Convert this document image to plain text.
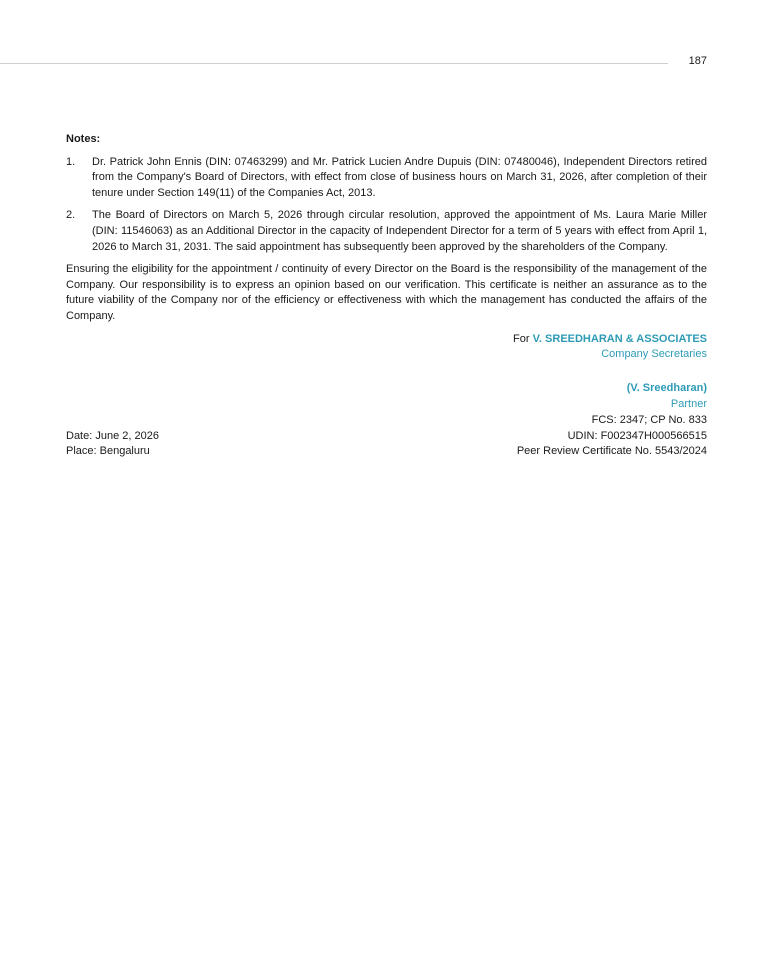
187
Notes:
1.	Dr. Patrick John Ennis (DIN: 07463299) and Mr. Patrick Lucien Andre Dupuis (DIN: 07480046), Independent Directors retired from the Company's Board of Directors, with effect from close of business hours on March 31, 2026, after completion of their tenure under Section 149(11) of the Companies Act, 2013.
2.	The Board of Directors on March 5, 2026 through circular resolution, approved the appointment of Ms. Laura Marie Miller (DIN: 11546063) as an Additional Director in the capacity of Independent Director for a term of 5 years with effect from April 1, 2026 to March 31, 2031. The said appointment has subsequently been approved by the shareholders of the Company.
Ensuring the eligibility for the appointment / continuity of every Director on the Board is the responsibility of the management of the Company. Our responsibility is to express an opinion based on our verification. This certificate is neither an assurance as to the future viability of the Company nor of the efficiency or effectiveness with which the management has conducted the affairs of the Company.
For V. SREEDHARAN & ASSOCIATES
Company Secretaries
(V. Sreedharan)
Partner
FCS: 2347; CP No. 833
Date: June 2, 2026	UDIN: F002347H000566515
Place: Bengaluru	Peer Review Certificate No. 5543/2024
